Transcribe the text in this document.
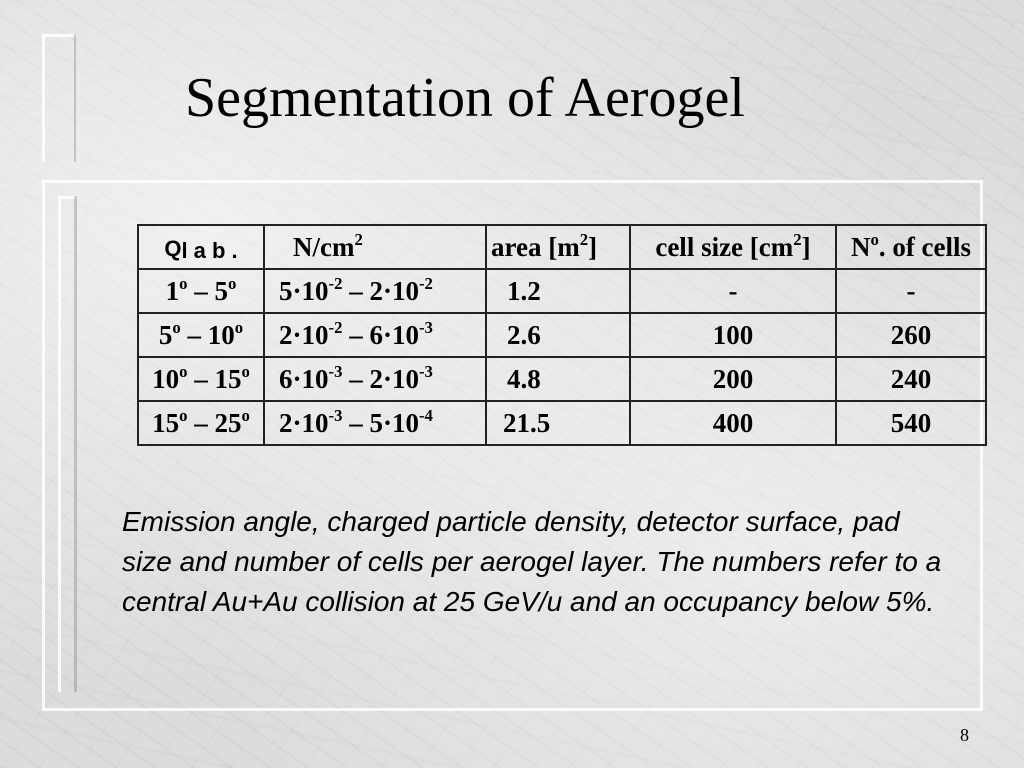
Segmentation of Aerogel
$Q_{l a b .}$	$N/cm^2$	area $[m^2]$	cell size $[cm^2]$	$N^o$. of cells
1$^o$ – 5$^o$	$5\cdot 10^{-2} - 2\cdot 10^{-2}$	1.2	-	-
5$^o$ – 10$^o$	$2\cdot 10^{-2} - 6\cdot 10^{-3}$	2.6	100	260
10$^o$ – 15$^o$	$6\cdot 10^{-3} - 2\cdot 10^{-3}$	4.8	200	240
15$^o$ – 25$^o$	$2\cdot 10^{-3} - 5\cdot 10^{-4}$	21.5	400	540
Emission angle, charged particle density, detector surface, pad size and number of cells per aerogel layer. The numbers refer to a central Au+Au collision at 25 GeV/u and an occupancy below 5%.
8
